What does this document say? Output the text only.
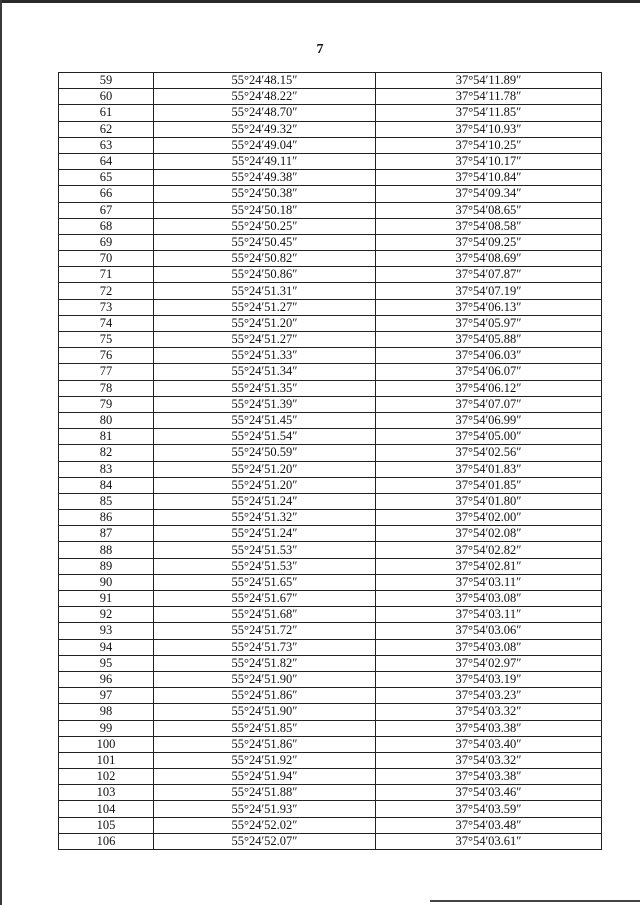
7
59	55°24′48.15″	37°54′11.89″
60	55°24′48.22″	37°54′11.78″
61	55°24′48.70″	37°54′11.85″
62	55°24′49.32″	37°54′10.93″
63	55°24′49.04″	37°54′10.25″
64	55°24′49.11″	37°54′10.17″
65	55°24′49.38″	37°54′10.84″
66	55°24′50.38″	37°54′09.34″
67	55°24′50.18″	37°54′08.65″
68	55°24′50.25″	37°54′08.58″
69	55°24′50.45″	37°54′09.25″
70	55°24′50.82″	37°54′08.69″
71	55°24′50.86″	37°54′07.87″
72	55°24′51.31″	37°54′07.19″
73	55°24′51.27″	37°54′06.13″
74	55°24′51.20″	37°54′05.97″
75	55°24′51.27″	37°54′05.88″
76	55°24′51.33″	37°54′06.03″
77	55°24′51.34″	37°54′06.07″
78	55°24′51.35″	37°54′06.12″
79	55°24′51.39″	37°54′07.07″
80	55°24′51.45″	37°54′06.99″
81	55°24′51.54″	37°54′05.00″
82	55°24′50.59″	37°54′02.56″
83	55°24′51.20″	37°54′01.83″
84	55°24′51.20″	37°54′01.85″
85	55°24′51.24″	37°54′01.80″
86	55°24′51.32″	37°54′02.00″
87	55°24′51.24″	37°54′02.08″
88	55°24′51.53″	37°54′02.82″
89	55°24′51.53″	37°54′02.81″
90	55°24′51.65″	37°54′03.11″
91	55°24′51.67″	37°54′03.08″
92	55°24′51.68″	37°54′03.11″
93	55°24′51.72″	37°54′03.06″
94	55°24′51.73″	37°54′03.08″
95	55°24′51.82″	37°54′02.97″
96	55°24′51.90″	37°54′03.19″
97	55°24′51.86″	37°54′03.23″
98	55°24′51.90″	37°54′03.32″
99	55°24′51.85″	37°54′03.38″
100	55°24′51.86″	37°54′03.40″
101	55°24′51.92″	37°54′03.32″
102	55°24′51.94″	37°54′03.38″
103	55°24′51.88″	37°54′03.46″
104	55°24′51.93″	37°54′03.59″
105	55°24′52.02″	37°54′03.48″
106	55°24′52.07″	37°54′03.61″
